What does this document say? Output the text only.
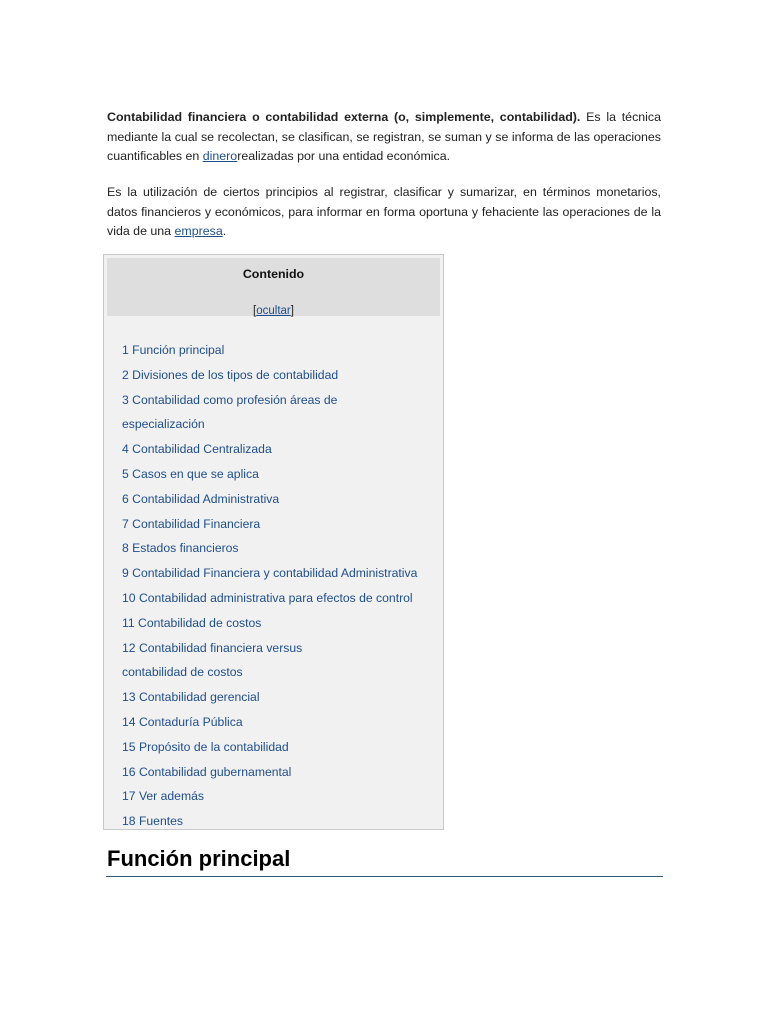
Contabilidad financiera o contabilidad externa (o, simplemente, contabilidad). Es la técnica mediante la cual se recolectan, se clasifican, se registran, se suman y se informa de las operaciones cuantificables en dinerorealizadas por una entidad económica.

Es la utilización de ciertos principios al registrar, clasificar y sumarizar, en términos monetarios, datos financieros y económicos, para informar en forma oportuna y fehaciente las operaciones de la vida de una empresa.

Contenido
[ocultar]
1 Función principal
2 Divisiones de los tipos de contabilidad
3 Contabilidad como profesión áreas de especialización
4 Contabilidad Centralizada
5 Casos en que se aplica
6 Contabilidad Administrativa
7 Contabilidad Financiera
8 Estados financieros
9 Contabilidad Financiera y contabilidad Administrativa
10 Contabilidad administrativa para efectos de control
11 Contabilidad de costos
12 Contabilidad financiera versus contabilidad de costos
13 Contabilidad gerencial
14 Contaduría Pública
15 Propósito de la contabilidad
16 Contabilidad gubernamental
17 Ver además
18 Fuentes
Función principal
